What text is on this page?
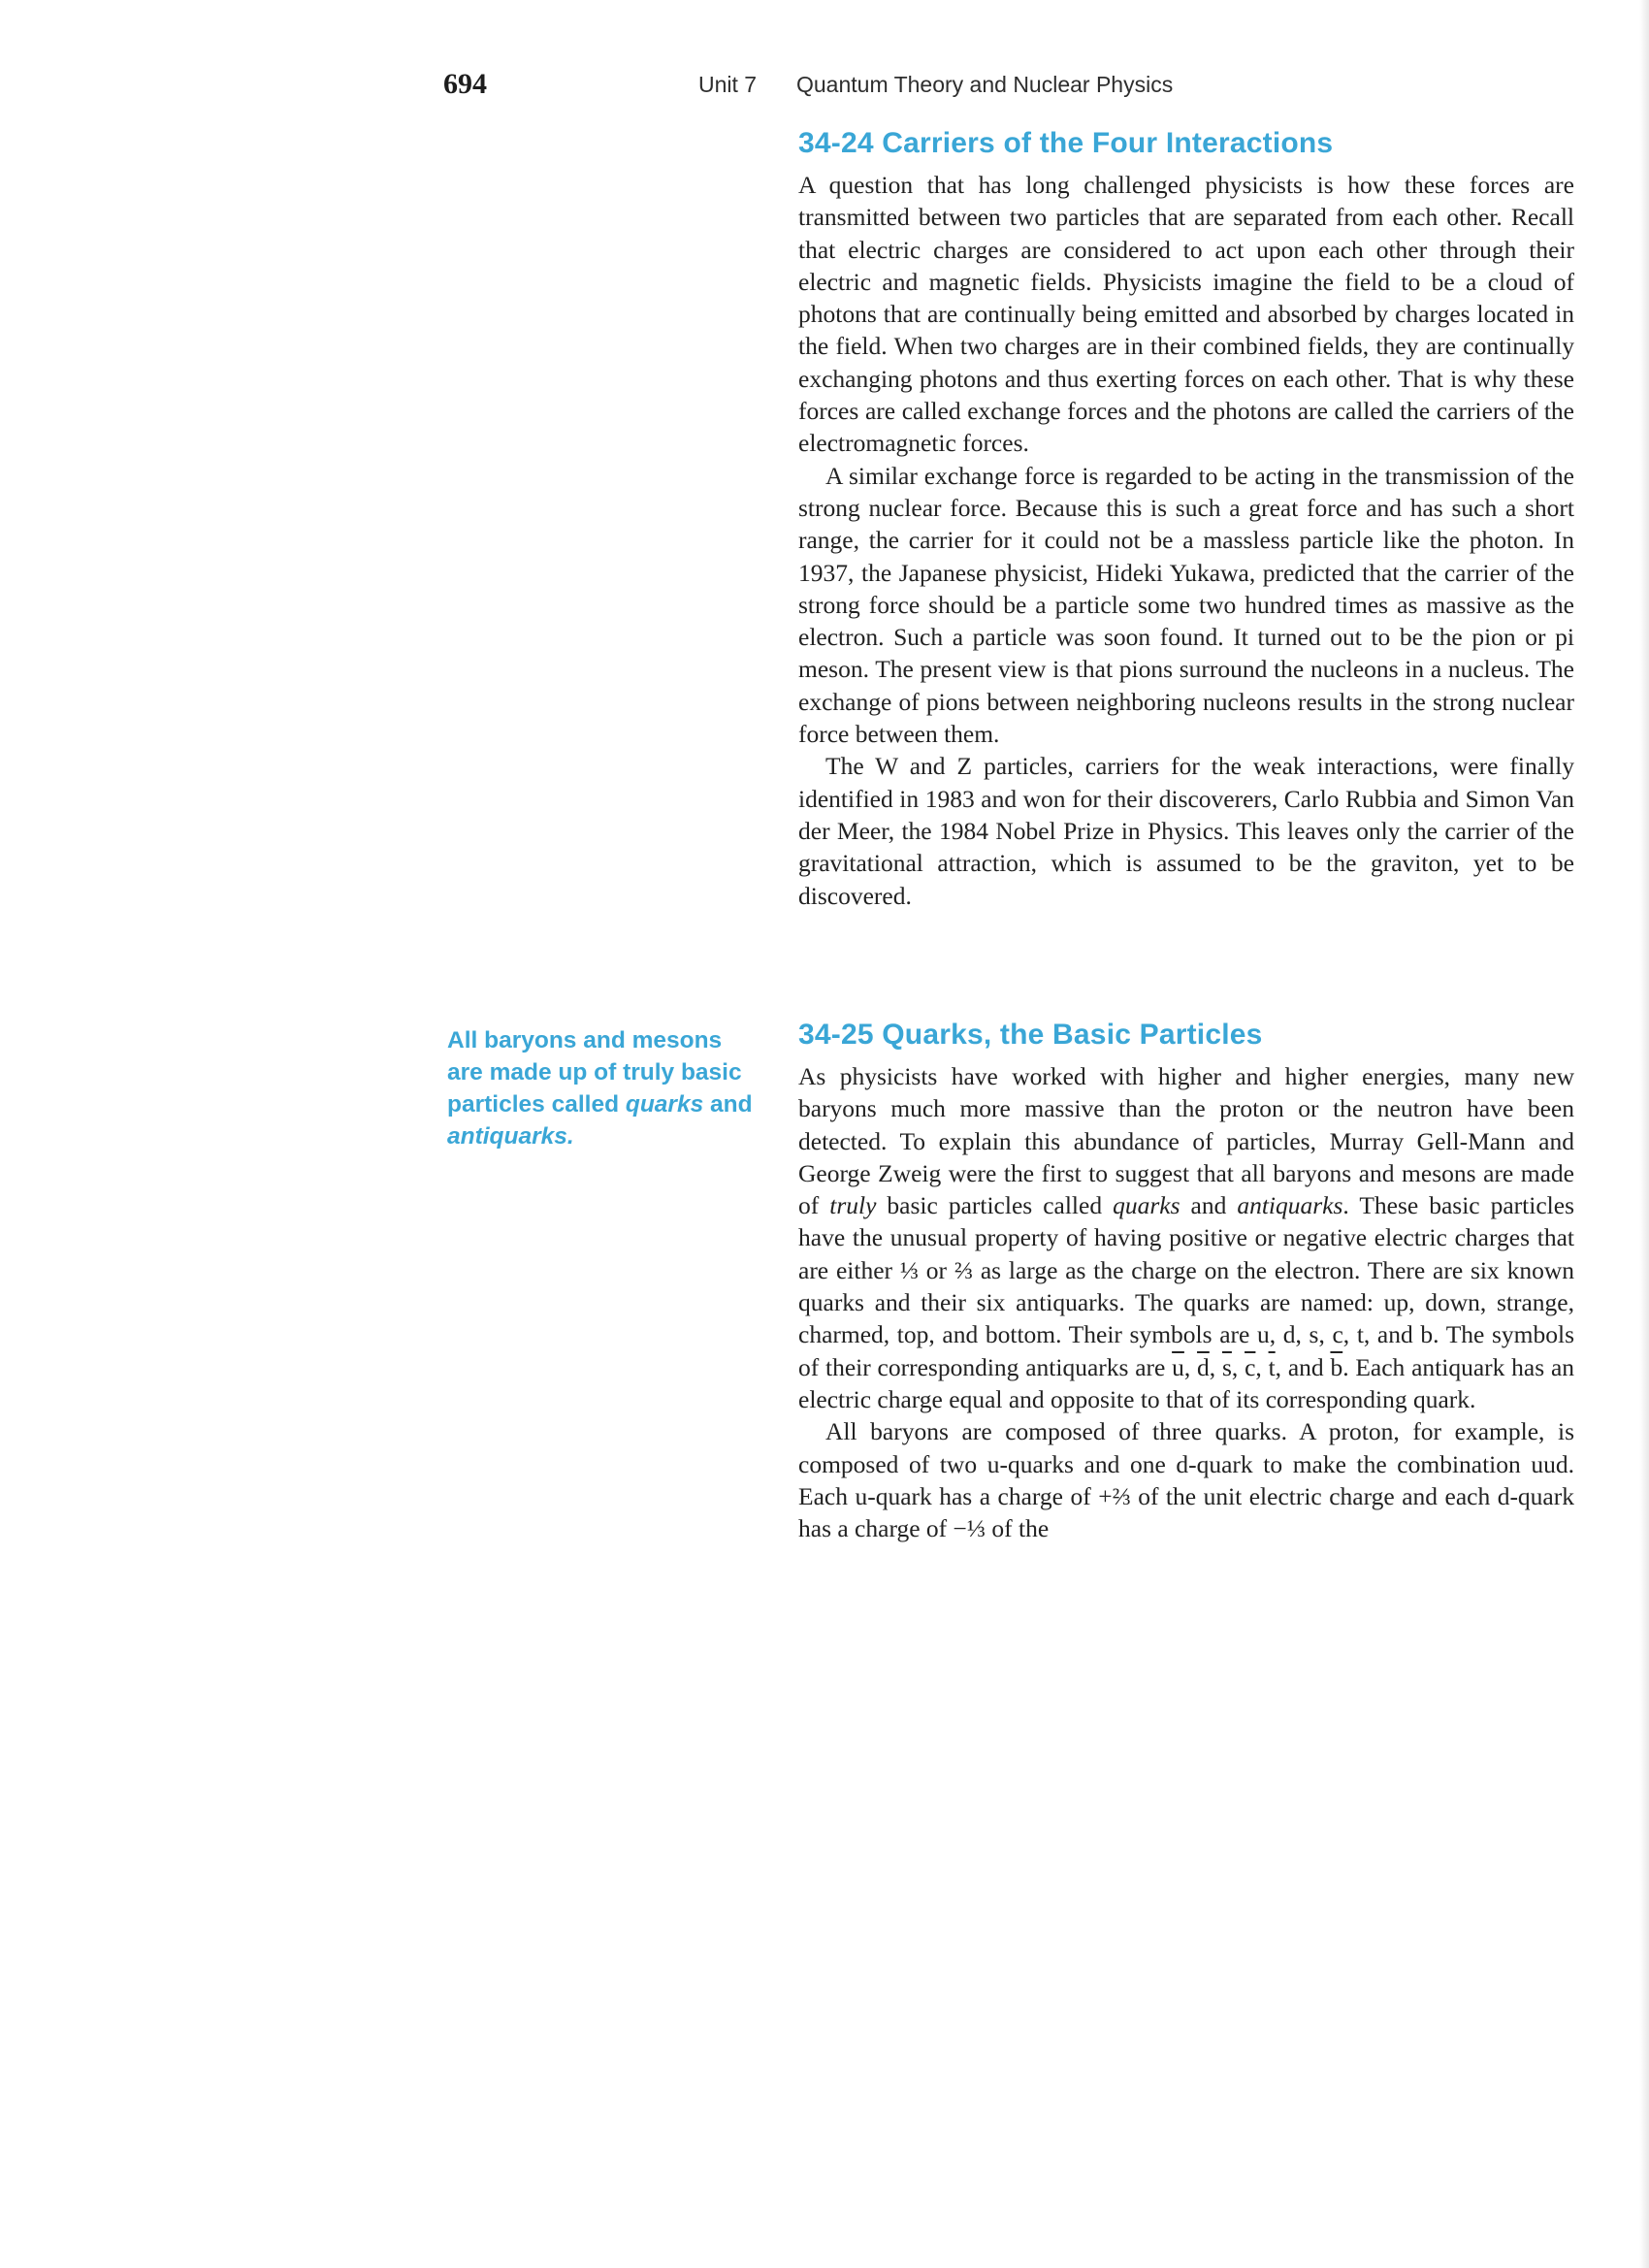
694	Unit 7 Quantum Theory and Nuclear Physics
34-24 Carriers of the Four Interactions

A question that has long challenged physicists is how these forces are transmitted between two particles that are separated from each other. Recall that electric charges are considered to act upon each other through their electric and magnetic fields. Physicists imagine the field to be a cloud of photons that are continually being emitted and absorbed by charges located in the field. When two charges are in their combined fields, they are continually exchanging photons and thus exerting forces on each other. That is why these forces are called exchange forces and the photons are called the carriers of the electromagnetic forces.

A similar exchange force is regarded to be acting in the transmission of the strong nuclear force. Because this is such a great force and has such a short range, the carrier for it could not be a massless particle like the photon. In 1937, the Japanese physicist, Hideki Yukawa, predicted that the carrier of the strong force should be a particle some two hundred times as massive as the electron. Such a particle was soon found. It turned out to be the pion or pi meson. The present view is that pions surround the nucleons in a nucleus. The exchange of pions between neighboring nucleons results in the strong nuclear force between them.

The W and Z particles, carriers for the weak interactions, were finally identified in 1983 and won for their discoverers, Carlo Rubbia and Simon Van der Meer, the 1984 Nobel Prize in Physics. This leaves only the carrier of the gravitational attraction, which is assumed to be the graviton, yet to be discovered.

All baryons and mesons are made up of truly basic particles called quarks and antiquarks.
34-25 Quarks, the Basic Particles

As physicists have worked with higher and higher energies, many new baryons much more massive than the proton or the neutron have been detected. To explain this abundance of particles, Murray Gell-Mann and George Zweig were the first to suggest that all baryons and mesons are made of truly basic particles called quarks and antiquarks. These basic particles have the unusual property of having positive or negative electric charges that are either ⅓ or ⅔ as large as the charge on the electron. There are six known quarks and their six antiquarks. The quarks are named: up, down, strange, charmed, top, and bottom. Their symbols are u, d, s, c, t, and b. The symbols of their corresponding antiquarks are $\overline{u}$, $\overline{d}$, $\overline{s}$, $\overline{c}$, $\overline{t}$, and $\overline{b}$. Each antiquark has an electric charge equal and opposite to that of its corresponding quark.

All baryons are composed of three quarks. A proton, for example, is composed of two u-quarks and one d-quark to make the combination uud. Each u-quark has a charge of +⅔ of the unit electric charge and each d-quark has a charge of −⅓ of the
